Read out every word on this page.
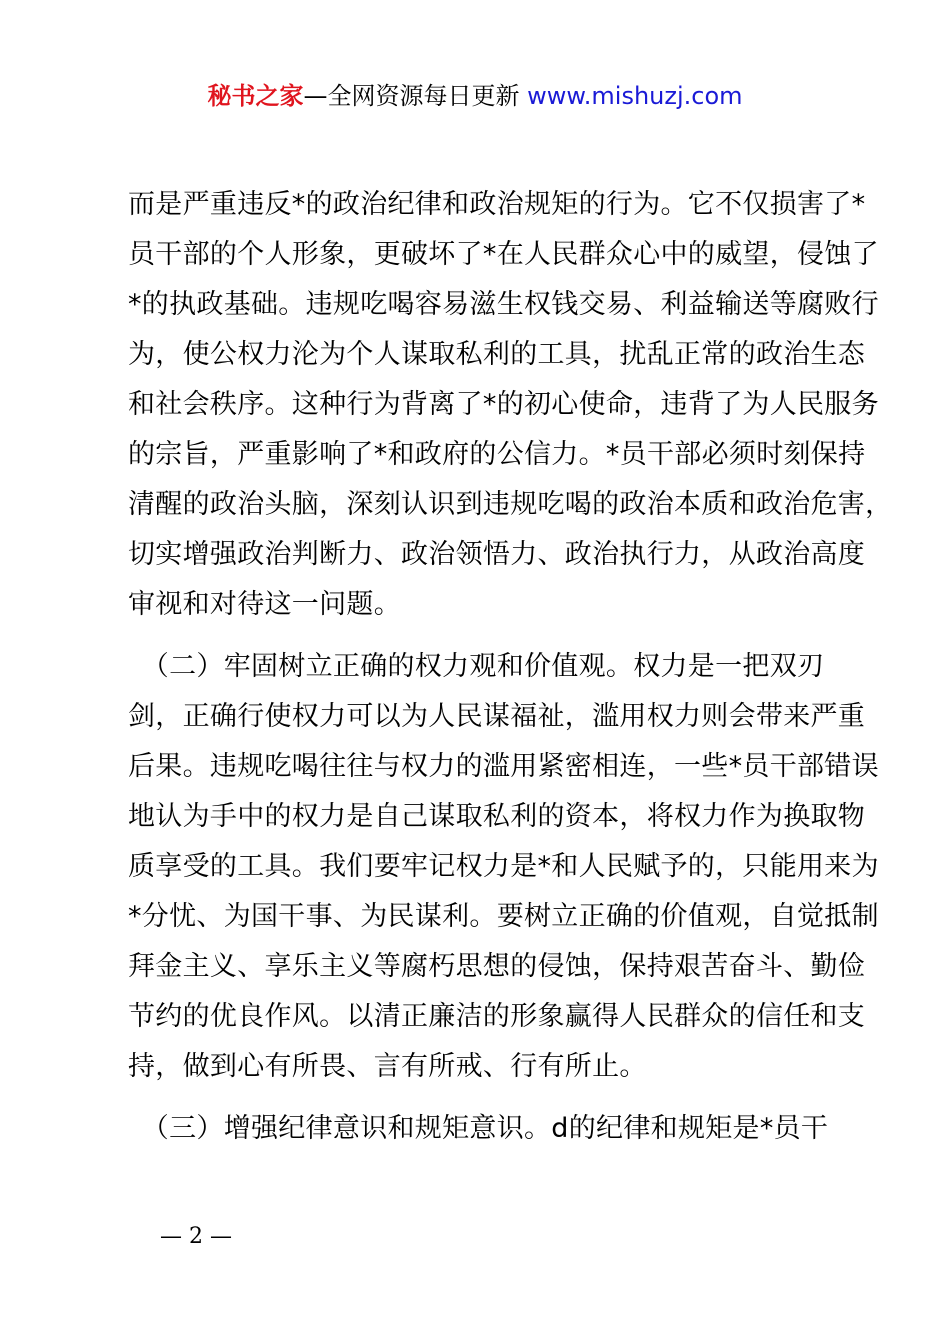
秘书之家—全网资源每日更新 www.mishuzj.com
而是严重违反*的政治纪律和政治规矩的行为。它不仅损害了*
员干部的个人形象，更破坏了*在人民群众心中的威望，侵蚀了
*的执政基础。违规吃喝容易滋生权钱交易、利益输送等腐败行
为，使公权力沦为个人谋取私利的工具，扰乱正常的政治生态
和社会秩序。这种行为背离了*的初心使命，违背了为人民服务
的宗旨，严重影响了*和政府的公信力。*员干部必须时刻保持
清醒的政治头脑，深刻认识到违规吃喝的政治本质和政治危害，
切实增强政治判断力、政治领悟力、政治执行力，从政治高度
审视和对待这一问题。
　（二）牢固树立正确的权力观和价值观。权力是一把双刃
剑，正确行使权力可以为人民谋福祉，滥用权力则会带来严重
后果。违规吃喝往往与权力的滥用紧密相连，一些*员干部错误
地认为手中的权力是自己谋取私利的资本，将权力作为换取物
质享受的工具。我们要牢记权力是*和人民赋予的，只能用来为
*分忧、为国干事、为民谋利。要树立正确的价值观，自觉抵制
拜金主义、享乐主义等腐朽思想的侵蚀，保持艰苦奋斗、勤俭
节约的优良作风。以清正廉洁的形象赢得人民群众的信任和支
持，做到心有所畏、言有所戒、行有所止。
　（三）增强纪律意识和规矩意识。d的纪律和规矩是*员干
— 2 —
